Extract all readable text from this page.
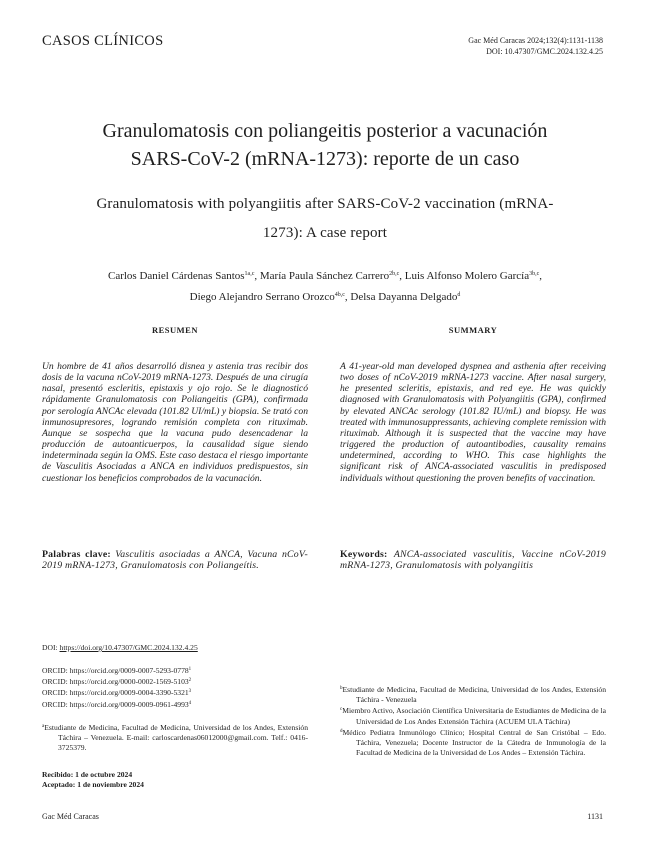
CASOS CLÍNICOS	Gac Méd Caracas 2024;132(4):1131-1138
DOI: 10.47307/GMC.2024.132.4.25
Granulomatosis con poliangeitis posterior a vacunación
SARS-CoV-2 (mRNA-1273): reporte de un caso
Granulomatosis with polyangiitis after SARS-CoV-2 vaccination (mRNA-
1273): A case report
Carlos Daniel Cárdenas Santos$^{1a,c}$, María Paula Sánchez Carrero$^{2b,c}$, Luis Alfonso Molero García$^{3b,c}$,
Diego Alejandro Serrano Orozco$^{4b,c}$, Delsa Dayanna Delgado$^d$
RESUMEN
Un hombre de 41 años desarrolló disnea y astenia tras recibir dos dosis de la vacuna nCoV-2019 mRNA-1273. Después de una cirugía nasal, presentó escleritis, epistaxis y ojo rojo. Se le diagnosticó rápidamente Granulomatosis con Poliangeitis (GPA), confirmada por serología ANCAc elevada (101.82 UI/mL) y biopsia. Se trató con inmunosupresores, logrando remisión completa con rituximab. Aunque se sospecha que la vacuna pudo desencadenar la producción de autoanticuerpos, la causalidad sigue siendo indeterminada según la OMS. Este caso destaca el riesgo importante de Vasculitis Asociadas a ANCA en individuos predispuestos, sin cuestionar los beneficios comprobados de la vacunación.
Palabras clave: Vasculitis asociadas a ANCA, Vacuna nCoV-2019 mRNA-1273, Granulomatosis con Poliangeítis.
SUMMARY
A 41-year-old man developed dyspnea and asthenia after receiving two doses of nCoV-2019 mRNA-1273 vaccine. After nasal surgery, he presented scleritis, epistaxis, and red eye. He was quickly diagnosed with Granulomatosis with Polyangiitis (GPA), confirmed by elevated ANCAc serology (101.82 IU/mL) and biopsy. He was treated with immunosuppressants, achieving complete remission with rituximab. Although it is suspected that the vaccine may have triggered the production of autoantibodies, causality remains undetermined, according to WHO. This case highlights the significant risk of ANCA-associated vasculitis in predisposed individuals without questioning the proven benefits of vaccination.
Keywords: ANCA-associated vasculitis, Vaccine nCoV-2019 mRNA-1273, Granulomatosis with polyangiitis
DOI: https://doi.org/10.47307/GMC.2024.132.4.25
ORCID: https://orcid.org/0009-0007-5293-0778$^1$
ORCID: https://orcid.org/0000-0002-1569-5103$^2$
ORCID: https://orcid.org/0009-0004-3390-5321$^3$
ORCID: https://orcid.org/0009-0009-0961-4993$^4$
$^a$Estudiante de Medicina, Facultad de Medicina, Universidad de los Andes, Extensión Táchira – Venezuela. E-mail: carloscardenas06012000@gmail.com. Telf.: 0416-3725379.
Recibido: 1 de octubre 2024
Aceptado: 1 de noviembre 2024
$^b$Estudiante de Medicina, Facultad de Medicina, Universidad de los Andes, Extensión Táchira - Venezuela
$^c$Miembro Activo, Asociación Científica Universitaria de Estudiantes de Medicina de la Universidad de Los Andes Extensión Táchira (ACUEM ULA Táchira)
$^d$Médico Pediatra Inmunólogo Clínico; Hospital Central de San Cristóbal – Edo. Táchira, Venezuela; Docente Instructor de la Cátedra de Inmunología de la Facultad de Medicina de la Universidad de Los Andes – Extensión Táchira.
Gac Méd Caracas	1131
